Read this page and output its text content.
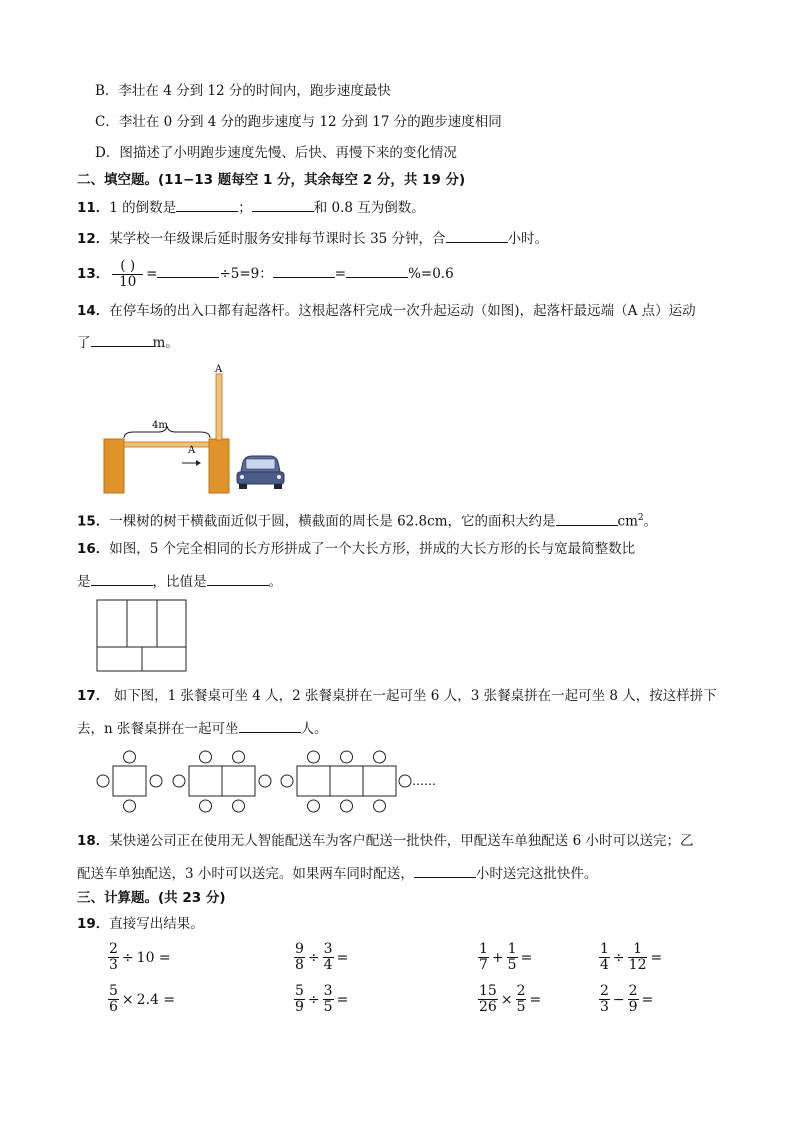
B．李壮在 4 分到 12 分的时间内，跑步速度最快
C．李壮在 0 分到 4 分的跑步速度与 12 分到 17 分的跑步速度相同
D．图描述了小明跑步速度先慢、后快、再慢下来的变化情况
二、填空题。(11−13 题每空 1 分，其余每空 2 分，共 19 分)
11．1 的倒数是	；	和 0.8 互为倒数。
12．某学校一年级课后延时服务安排每节课时长 35 分钟，合	小时。
13． $\frac{( )}{10}$ =	÷5=9：	=	%=0.6
14．在停车场的出入口都有起落杆。这根起落杆完成一次升起运动（如图)，起落杆最远端（A 点）运动
了	m。
4m
A
A
15．一棵树的树干横截面近似于圆，横截面的周长是 62.8cm，它的面积大约是	$cm^2$。
16．如图，5 个完全相同的长方形拼成了一个大长方形，拼成的大长方形的长与宽最简整数比
是	，比值是	。
17． 如下图，1 张餐桌可坐 4 人，2 张餐桌拼在一起可坐 6 人，3 张餐桌拼在一起可坐 8 人，按这样拼下
去，n 张餐桌拼在一起可坐	人。
……
18．某快递公司正在使用无人智能配送车为客户配送一批快件，甲配送车单独配送 6 小时可以送完；乙
配送车单独配送，3 小时可以送完。如果两车同时配送，	小时送完这批快件。
三、计算题。(共 23 分)
19．直接写出结果。
$\frac{2}{3} \div 10$ =	$\frac{9}{8} \div \frac{3}{4}$ =	$\frac{1}{7} + \frac{1}{5}$ =	$\frac{1}{4} \div \frac{1}{12}$ =
$\frac{5}{6} \times 2.4$ =	$\frac{5}{9} \div \frac{3}{5}$ =	$\frac{15}{26} \times \frac{2}{5}$ =	$\frac{2}{3} - \frac{2}{9}$ =
